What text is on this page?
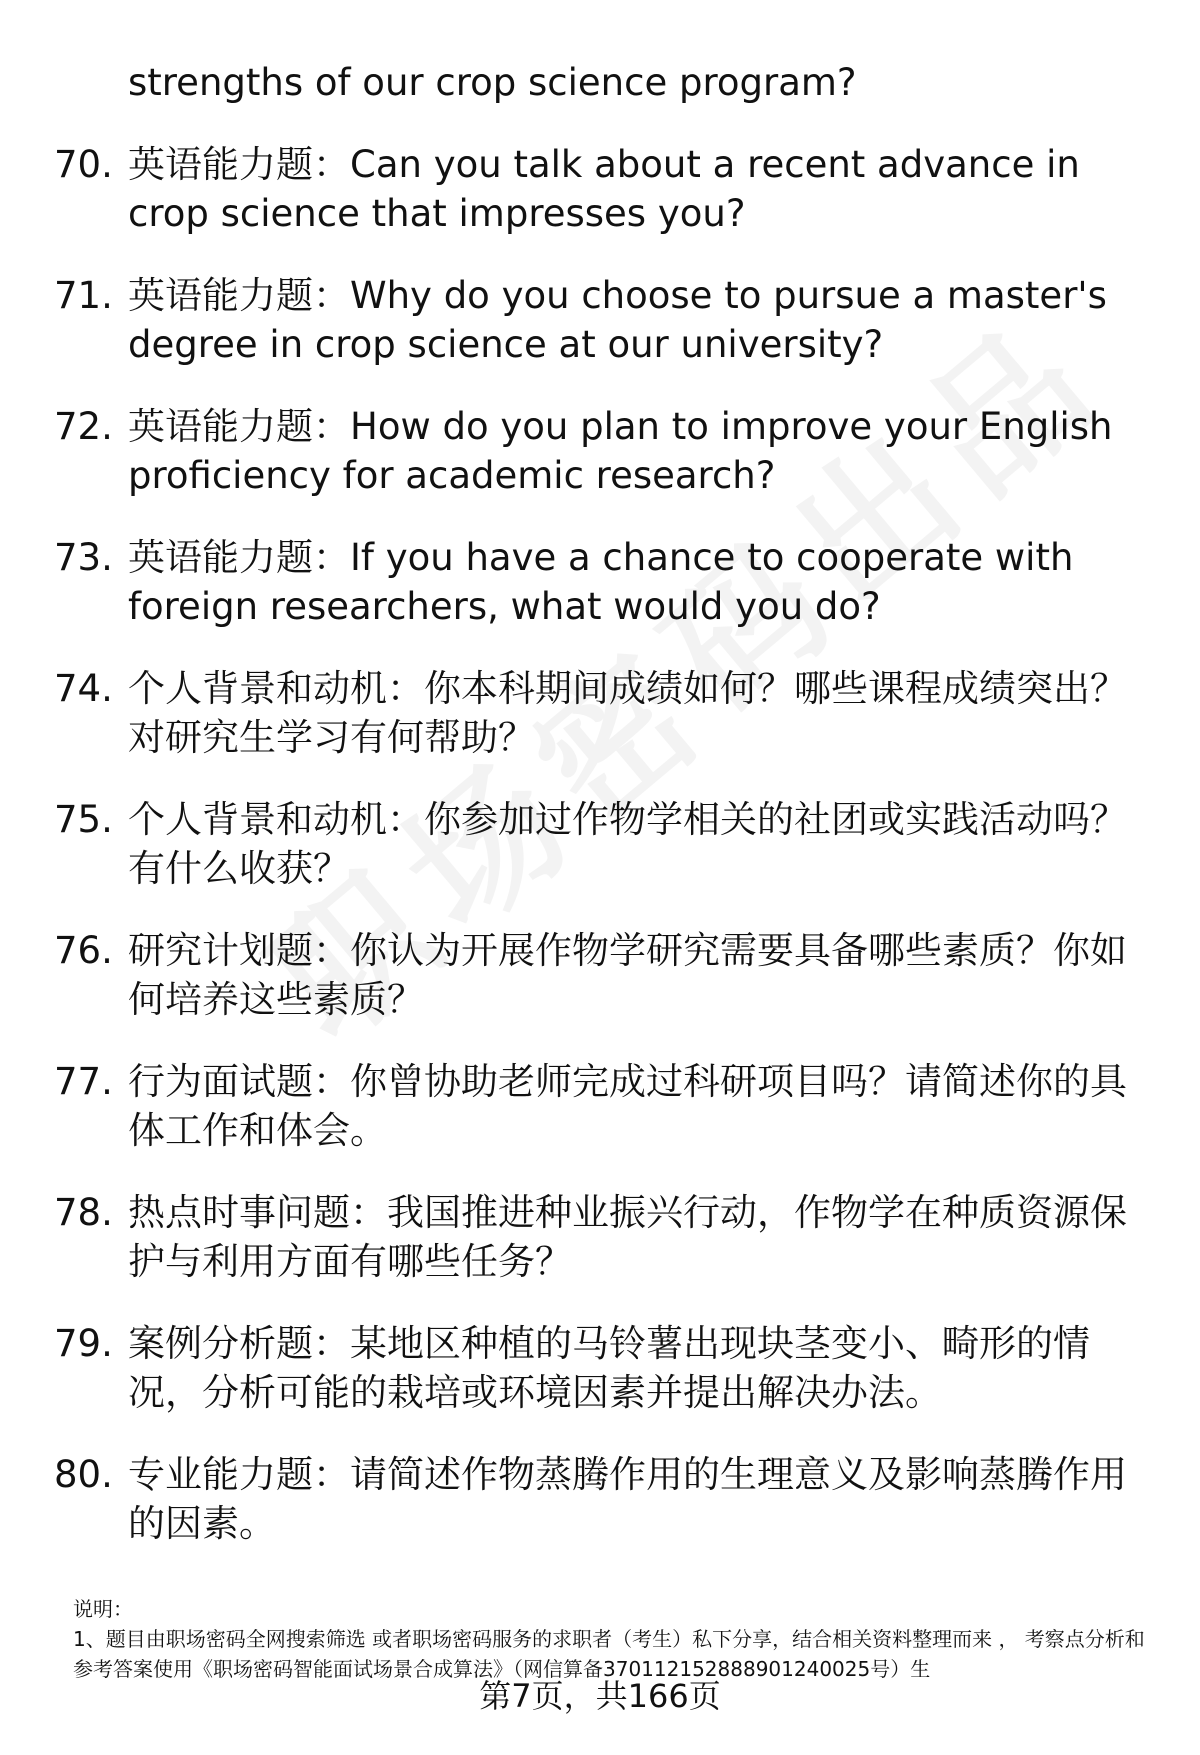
strengths of our crop science program?

70. 英语能力题：Can you talk about a recent advance in crop science that impresses you?

71. 英语能力题：Why do you choose to pursue a master's degree in crop science at our university?

72. 英语能力题：How do you plan to improve your English proficiency for academic research?

73. 英语能力题：If you have a chance to cooperate with foreign researchers, what would you do?

74. 个人背景和动机：你本科期间成绩如何？哪些课程成绩突出？对研究生学习有何帮助？

75. 个人背景和动机：你参加过作物学相关的社团或实践活动吗？有什么收获？

76. 研究计划题：你认为开展作物学研究需要具备哪些素质？你如何培养这些素质？

77. 行为面试题：你曾协助老师完成过科研项目吗？请简述你的具体工作和体会。

78. 热点时事问题：我国推进种业振兴行动，作物学在种质资源保护与利用方面有哪些任务？

79. 案例分析题：某地区种植的马铃薯出现块茎变小、畸形的情况，分析可能的栽培或环境因素并提出解决办法。

80. 专业能力题：请简述作物蒸腾作用的生理意义及影响蒸腾作用的因素。

说明：

1、题目由职场密码全网搜索筛选 或者职场密码服务的求职者（考生）私下分享，结合相关资料整理而来 ， 考察点分析和参考答案使用《职场密码智能面试场景合成算法》（网信算备370112152888901240025号）生

第7页，共166页
